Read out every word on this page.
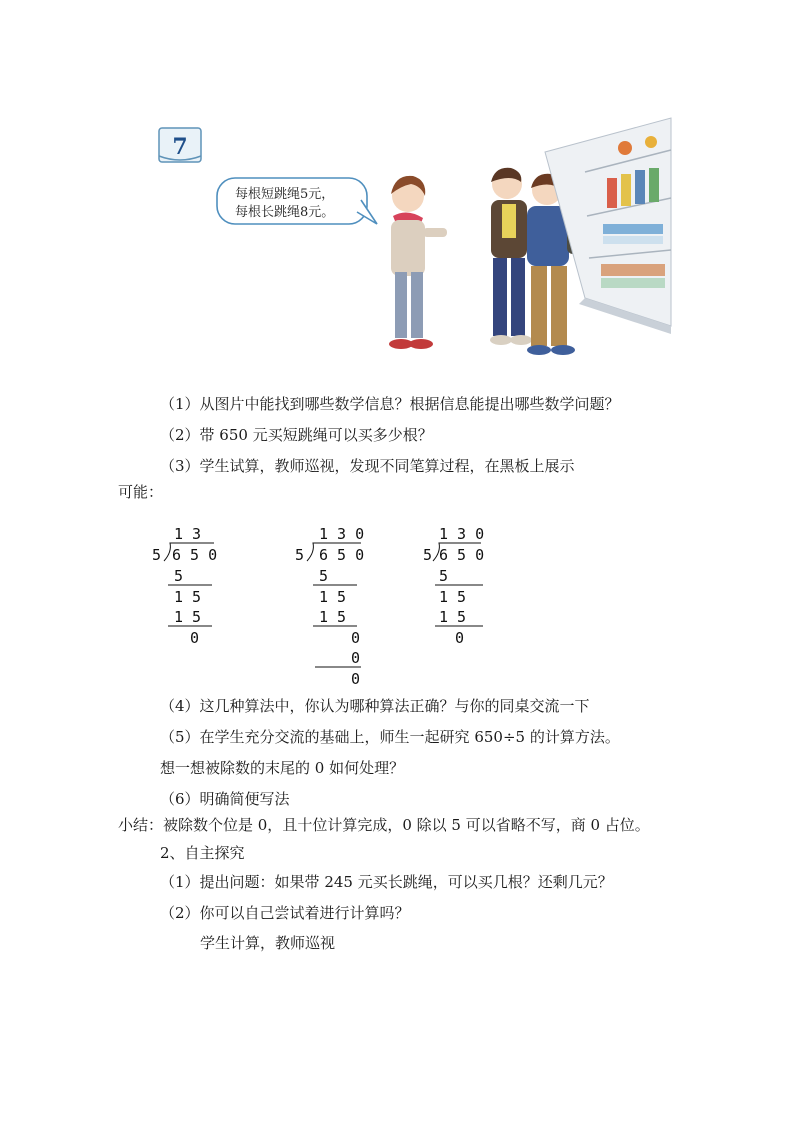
7
每根短跳绳5元，
每根长跳绳8元。
（1）从图片中能找到哪些数学信息？根据信息能提出哪些数学问题？
（2）带 650 元买短跳绳可以买多少根？
（3）学生试算，教师巡视，发现不同笔算过程，在黑板上展示
可能：
1 3
5 6 5 0
5
1 5
1 5
0
1 3 0
5 6 5 0
5
1 5
1 5
0
0
0
1 3 0
5 6 5 0
5
1 5
1 5
0
（4）这几种算法中，你认为哪种算法正确？与你的同桌交流一下
（5）在学生充分交流的基础上，师生一起研究 650÷5 的计算方法。
想一想被除数的末尾的 0 如何处理？
（6）明确简便写法
小结：被除数个位是 0，且十位计算完成，0 除以 5 可以省略不写，商 0 占位。
2、自主探究
（1）提出问题：如果带 245 元买长跳绳，可以买几根？还剩几元？
（2）你可以自己尝试着进行计算吗？
学生计算，教师巡视
